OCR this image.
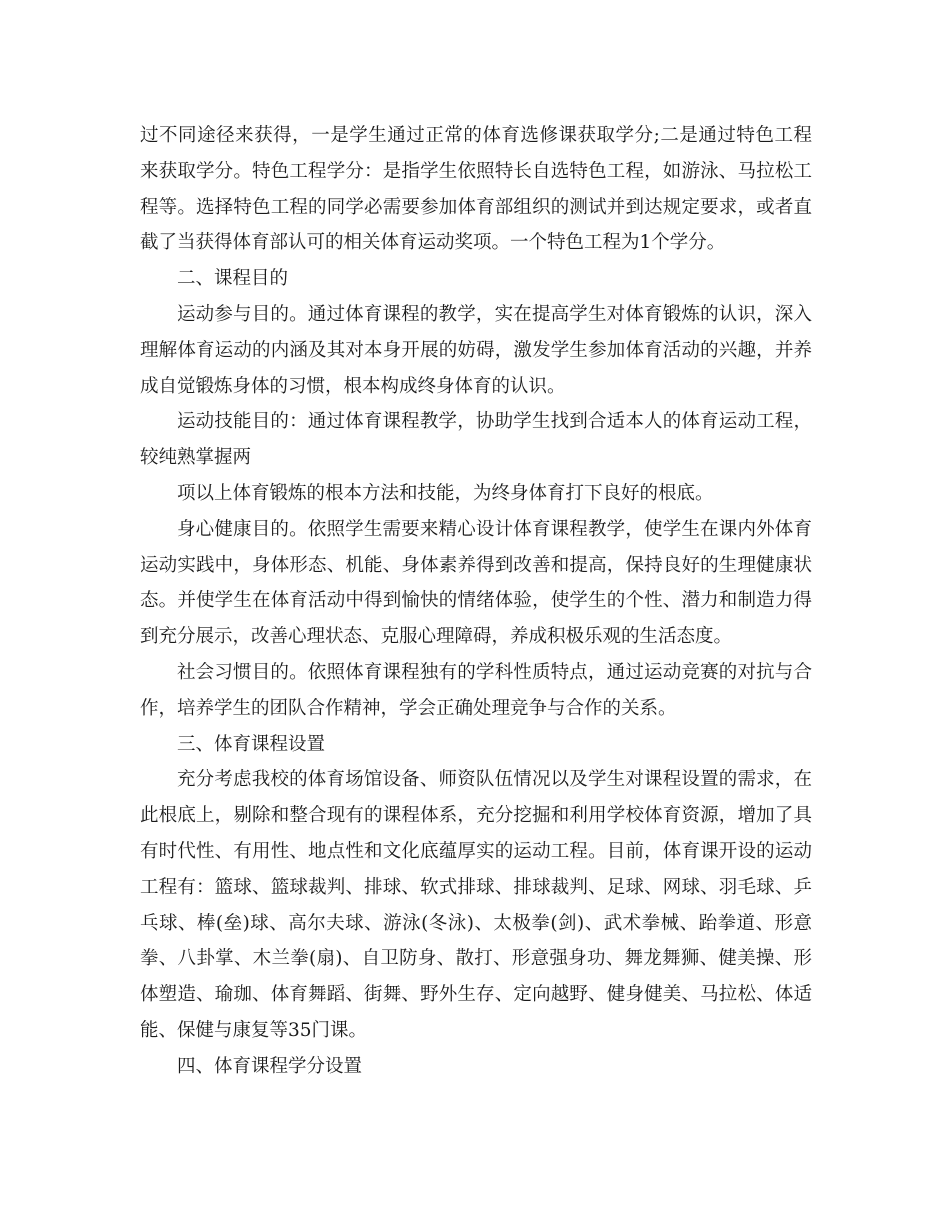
过不同途径来获得，一是学生通过正常的体育选修课获取学分;二是通过特色工程来获取学分。特色工程学分：是指学生依照特长自选特色工程，如游泳、马拉松工程等。选择特色工程的同学必需要参加体育部组织的测试并到达规定要求，或者直截了当获得体育部认可的相关体育运动奖项。一个特色工程为1个学分。

二、课程目的

运动参与目的。通过体育课程的教学，实在提高学生对体育锻炼的认识，深入理解体育运动的内涵及其对本身开展的妨碍，激发学生参加体育活动的兴趣，并养成自觉锻炼身体的习惯，根本构成终身体育的认识。

运动技能目的：通过体育课程教学，协助学生找到合适本人的体育运动工程，较纯熟掌握两

项以上体育锻炼的根本方法和技能，为终身体育打下良好的根底。

身心健康目的。依照学生需要来精心设计体育课程教学，使学生在课内外体育运动实践中，身体形态、机能、身体素养得到改善和提高，保持良好的生理健康状态。并使学生在体育活动中得到愉快的情绪体验，使学生的个性、潜力和制造力得到充分展示，改善心理状态、克服心理障碍，养成积极乐观的生活态度。

社会习惯目的。依照体育课程独有的学科性质特点，通过运动竞赛的对抗与合作，培养学生的团队合作精神，学会正确处理竞争与合作的关系。

三、体育课程设置

充分考虑我校的体育场馆设备、师资队伍情况以及学生对课程设置的需求，在此根底上，剔除和整合现有的课程体系，充分挖掘和利用学校体育资源，增加了具有时代性、有用性、地点性和文化底蕴厚实的运动工程。目前，体育课开设的运动工程有：篮球、篮球裁判、排球、软式排球、排球裁判、足球、网球、羽毛球、乒乓球、棒(垒)球、高尔夫球、游泳(冬泳)、太极拳(剑)、武术拳械、跆拳道、形意拳、八卦掌、木兰拳(扇)、自卫防身、散打、形意强身功、舞龙舞狮、健美操、形体塑造、瑜珈、体育舞蹈、街舞、野外生存、定向越野、健身健美、马拉松、体适能、保健与康复等35门课。

四、体育课程学分设置
